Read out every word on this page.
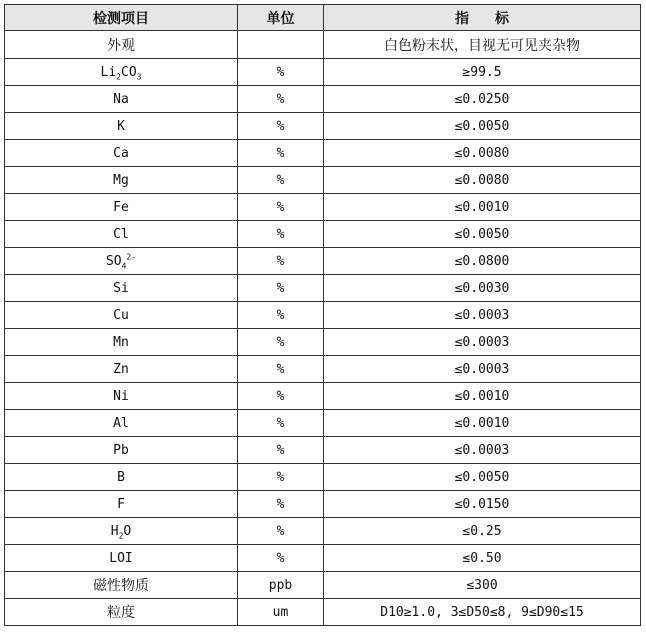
检测项目	单位	指 标
外观		白色粉末状，目视无可见夹杂物
$Li_2CO_3$	%	≥99.5
Na	%	≤0.0250
K	%	≤0.0050
Ca	%	≤0.0080
Mg	%	≤0.0080
Fe	%	≤0.0010
Cl	%	≤0.0050
$SO_4^{2-}$	%	≤0.0800
Si	%	≤0.0030
Cu	%	≤0.0003
Mn	%	≤0.0003
Zn	%	≤0.0003
Ni	%	≤0.0010
Al	%	≤0.0010
Pb	%	≤0.0003
B	%	≤0.0050
F	%	≤0.0150
$H_2O$	%	≤0.25
LOI	%	≤0.50
磁性物质	ppb	≤300
粒度	um	D10≥1.0, 3≤D50≤8, 9≤D90≤15
